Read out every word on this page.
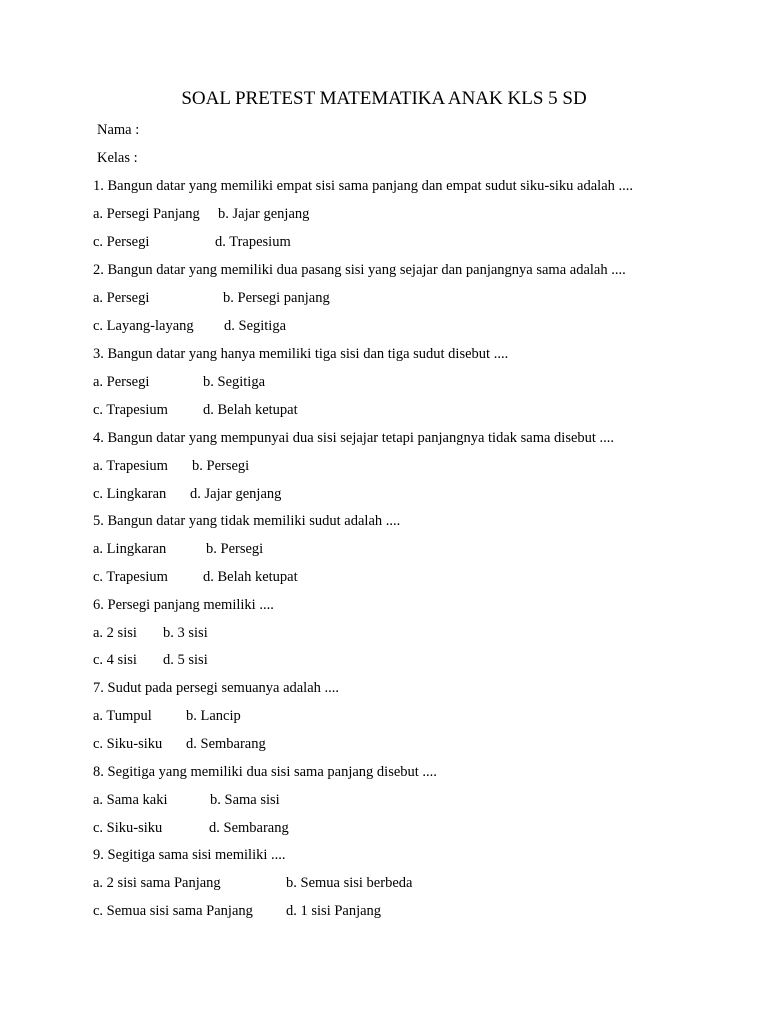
SOAL PRETEST MATEMATIKA ANAK KLS 5 SD
Nama :
Kelas :
1. Bangun datar yang memiliki empat sisi sama panjang dan empat sudut siku-siku adalah ....
a. Persegi Panjang b. Jajar genjang
c. Persegi	d. Trapesium
2. Bangun datar yang memiliki dua pasang sisi yang sejajar dan panjangnya sama adalah ....
a. Persegi	b. Persegi panjang
c. Layang-layang d. Segitiga
3. Bangun datar yang hanya memiliki tiga sisi dan tiga sudut disebut ....
a. Persegi	b. Segitiga
c. Trapesium d. Belah ketupat
4. Bangun datar yang mempunyai dua sisi sejajar tetapi panjangnya tidak sama disebut ....
a. Trapesium b. Persegi
c. Lingkaran d. Jajar genjang
5. Bangun datar yang tidak memiliki sudut adalah ....
a. Lingkaran	b. Persegi
c. Trapesium d. Belah ketupat
6. Persegi panjang memiliki ....
a. 2 sisi b. 3 sisi
c. 4 sisi d. 5 sisi
7. Sudut pada persegi semuanya adalah ....
a. Tumpul b. Lancip
c. Siku-siku d. Sembarang
8. Segitiga yang memiliki dua sisi sama panjang disebut ....
a. Sama kaki	b. Sama sisi
c. Siku-siku	d. Sembarang
9. Segitiga sama sisi memiliki ....
a. 2 sisi sama Panjang	b. Semua sisi berbeda
c. Semua sisi sama Panjang d. 1 sisi Panjang
